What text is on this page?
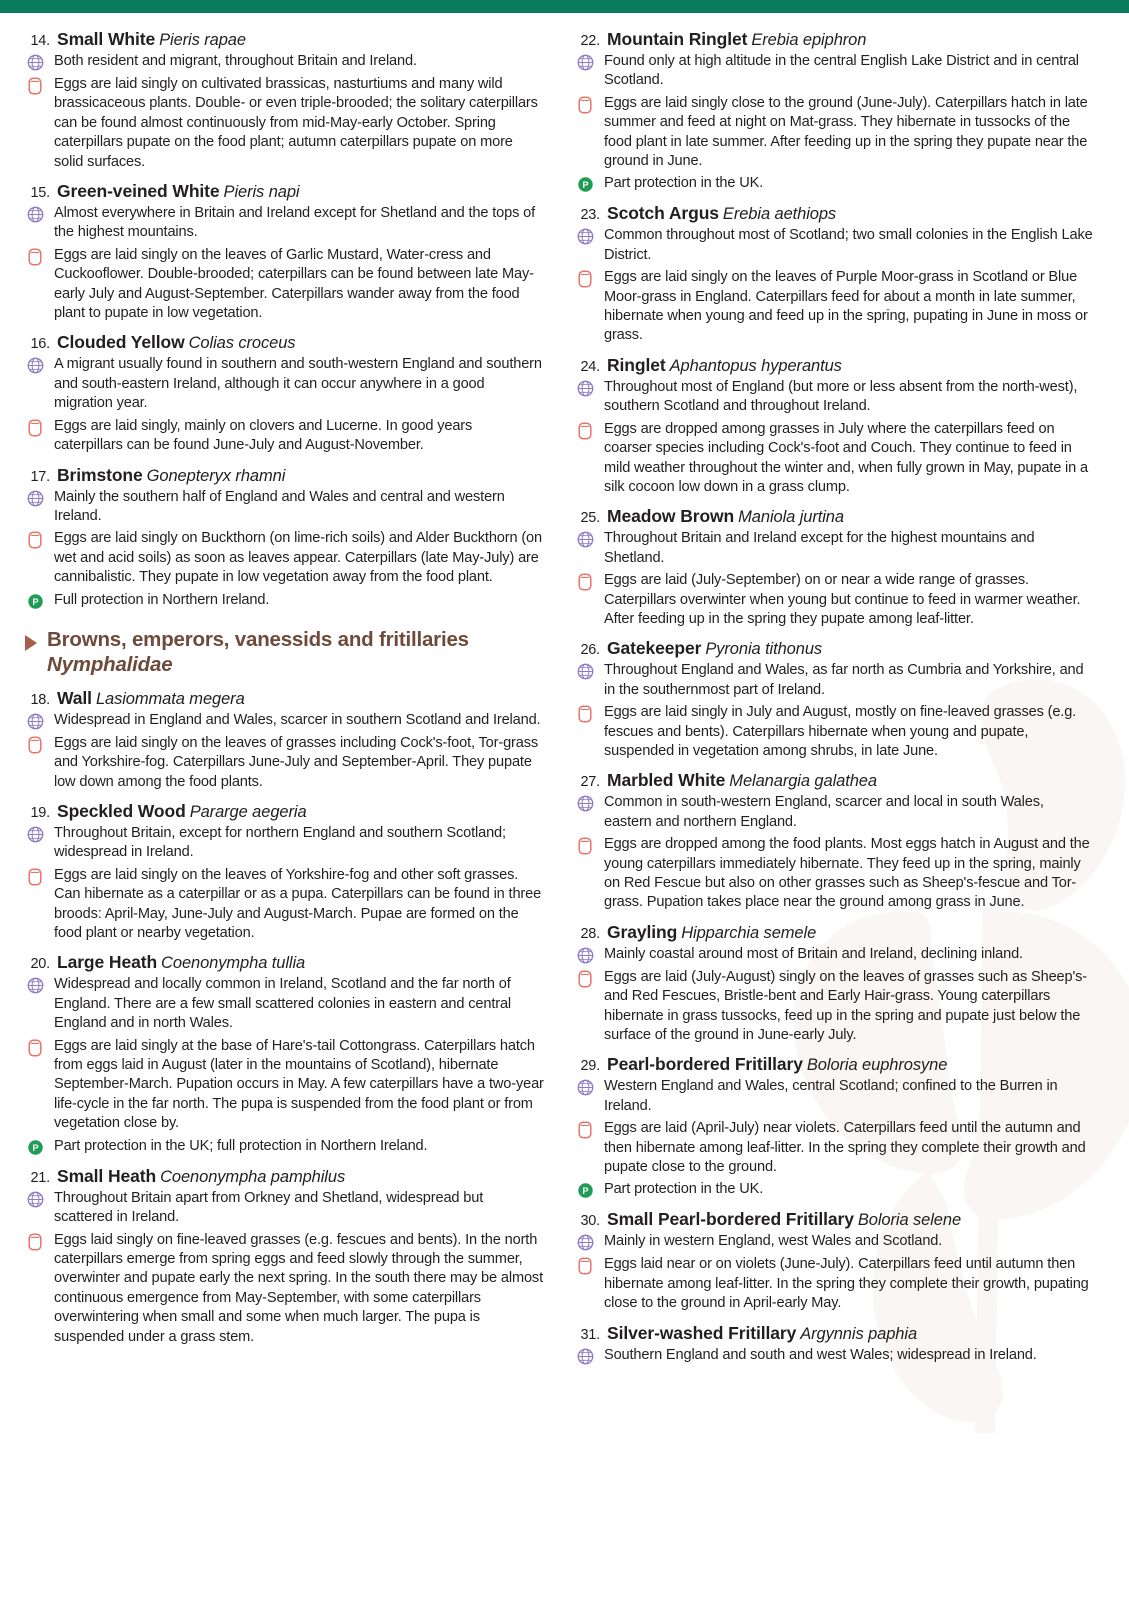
14. Small White Pieris rapae
Both resident and migrant, throughout Britain and Ireland.
Eggs are laid singly on cultivated brassicas, nasturtiums and many wild brassicaceous plants. Double- or even triple-brooded; the solitary caterpillars can be found almost continuously from mid-May-early October. Spring caterpillars pupate on the food plant; autumn caterpillars pupate on more solid surfaces.
15. Green-veined White Pieris napi
Almost everywhere in Britain and Ireland except for Shetland and the tops of the highest mountains.
Eggs are laid singly on the leaves of Garlic Mustard, Water-cress and Cuckooflower. Double-brooded; caterpillars can be found between late May-early July and August-September. Caterpillars wander away from the food plant to pupate in low vegetation.
16. Clouded Yellow Colias croceus
A migrant usually found in southern and south-western England and southern and south-eastern Ireland, although it can occur anywhere in a good migration year.
Eggs are laid singly, mainly on clovers and Lucerne. In good years caterpillars can be found June-July and August-November.
17. Brimstone Gonepteryx rhamni
Mainly the southern half of England and Wales and central and western Ireland.
Eggs are laid singly on Buckthorn (on lime-rich soils) and Alder Buckthorn (on wet and acid soils) as soon as leaves appear. Caterpillars (late May-July) are cannibalistic. They pupate in low vegetation away from the food plant.
P Full protection in Northern Ireland.
Browns, emperors, vanessids and fritillaries Nymphalidae
18. Wall Lasiommata megera
Widespread in England and Wales, scarcer in southern Scotland and Ireland.
Eggs are laid singly on the leaves of grasses including Cock's-foot, Tor-grass and Yorkshire-fog. Caterpillars June-July and September-April. They pupate low down among the food plants.
19. Speckled Wood Pararge aegeria
Throughout Britain, except for northern England and southern Scotland; widespread in Ireland.
Eggs are laid singly on the leaves of Yorkshire-fog and other soft grasses. Can hibernate as a caterpillar or as a pupa. Caterpillars can be found in three broods: April-May, June-July and August-March. Pupae are formed on the food plant or nearby vegetation.
20. Large Heath Coenonympha tullia
Widespread and locally common in Ireland, Scotland and the far north of England. There are a few small scattered colonies in eastern and central England and in north Wales.
Eggs are laid singly at the base of Hare's-tail Cottongrass. Caterpillars hatch from eggs laid in August (later in the mountains of Scotland), hibernate September-March. Pupation occurs in May. A few caterpillars have a two-year life-cycle in the far north. The pupa is suspended from the food plant or from vegetation close by.
P Part protection in the UK; full protection in Northern Ireland.
21. Small Heath Coenonympha pamphilus
Throughout Britain apart from Orkney and Shetland, widespread but scattered in Ireland.
Eggs laid singly on fine-leaved grasses (e.g. fescues and bents). In the north caterpillars emerge from spring eggs and feed slowly through the summer, overwinter and pupate early the next spring. In the south there may be almost continuous emergence from May-September, with some caterpillars overwintering when small and some when much larger. The pupa is suspended under a grass stem.
22. Mountain Ringlet Erebia epiphron
Found only at high altitude in the central English Lake District and in central Scotland.
Eggs are laid singly close to the ground (June-July). Caterpillars hatch in late summer and feed at night on Mat-grass. They hibernate in tussocks of the food plant in late summer. After feeding up in the spring they pupate near the ground in June.
P Part protection in the UK.
23. Scotch Argus Erebia aethiops
Common throughout most of Scotland; two small colonies in the English Lake District.
Eggs are laid singly on the leaves of Purple Moor-grass in Scotland or Blue Moor-grass in England. Caterpillars feed for about a month in late summer, hibernate when young and feed up in the spring, pupating in June in moss or grass.
24. Ringlet Aphantopus hyperantus
Throughout most of England (but more or less absent from the north-west), southern Scotland and throughout Ireland.
Eggs are dropped among grasses in July where the caterpillars feed on coarser species including Cock's-foot and Couch. They continue to feed in mild weather throughout the winter and, when fully grown in May, pupate in a silk cocoon low down in a grass clump.
25. Meadow Brown Maniola jurtina
Throughout Britain and Ireland except for the highest mountains and Shetland.
Eggs are laid (July-September) on or near a wide range of grasses. Caterpillars overwinter when young but continue to feed in warmer weather. After feeding up in the spring they pupate among leaf-litter.
26. Gatekeeper Pyronia tithonus
Throughout England and Wales, as far north as Cumbria and Yorkshire, and in the southernmost part of Ireland.
Eggs are laid singly in July and August, mostly on fine-leaved grasses (e.g. fescues and bents). Caterpillars hibernate when young and pupate, suspended in vegetation among shrubs, in late June.
27. Marbled White Melanargia galathea
Common in south-western England, scarcer and local in south Wales, eastern and northern England.
Eggs are dropped among the food plants. Most eggs hatch in August and the young caterpillars immediately hibernate. They feed up in the spring, mainly on Red Fescue but also on other grasses such as Sheep's-fescue and Tor-grass. Pupation takes place near the ground among grass in June.
28. Grayling Hipparchia semele
Mainly coastal around most of Britain and Ireland, declining inland.
Eggs are laid (July-August) singly on the leaves of grasses such as Sheep's- and Red Fescues, Bristle-bent and Early Hair-grass. Young caterpillars hibernate in grass tussocks, feed up in the spring and pupate just below the surface of the ground in June-early July.
29. Pearl-bordered Fritillary Boloria euphrosyne
Western England and Wales, central Scotland; confined to the Burren in Ireland.
Eggs are laid (April-July) near violets. Caterpillars feed until the autumn and then hibernate among leaf-litter. In the spring they complete their growth and pupate close to the ground.
P Part protection in the UK.
30. Small Pearl-bordered Fritillary Boloria selene
Mainly in western England, west Wales and Scotland.
Eggs laid near or on violets (June-July). Caterpillars feed until autumn then hibernate among leaf-litter. In the spring they complete their growth, pupating close to the ground in April-early May.
31. Silver-washed Fritillary Argynnis paphia
Southern England and south and west Wales; widespread in Ireland.
